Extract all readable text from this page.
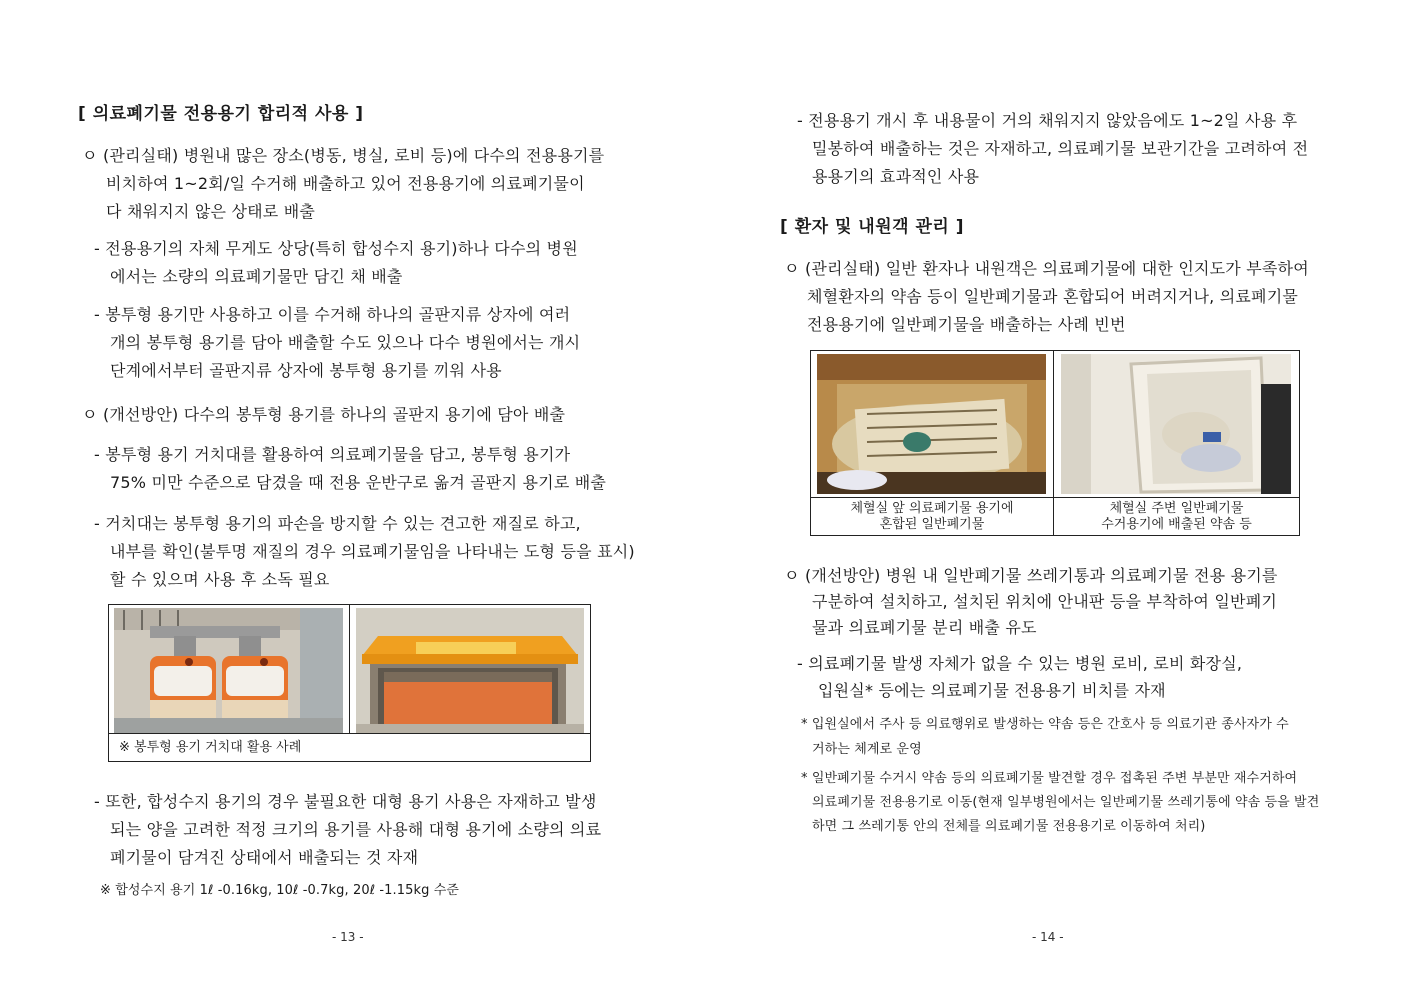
[ 의료폐기물 전용용기 합리적 사용 ]
ㅇ (관리실태) 병원내 많은 장소(병동, 병실, 로비 등)에 다수의 전용용기를
비치하여 1~2회/일 수거해 배출하고 있어 전용용기에 의료폐기물이
다 채워지지 않은 상태로 배출
- 전용용기의 자체 무게도 상당(특히 합성수지 용기)하나 다수의 병원
에서는 소량의 의료폐기물만 담긴 채 배출
- 봉투형 용기만 사용하고 이를 수거해 하나의 골판지류 상자에 여러
개의 봉투형 용기를 담아 배출할 수도 있으나 다수 병원에서는 개시
단계에서부터 골판지류 상자에 봉투형 용기를 끼워 사용
ㅇ (개선방안) 다수의 봉투형 용기를 하나의 골판지 용기에 담아 배출
- 봉투형 용기 거치대를 활용하여 의료폐기물을 담고, 봉투형 용기가
75% 미만 수준으로 담겼을 때 전용 운반구로 옮겨 골판지 용기로 배출
- 거치대는 봉투형 용기의 파손을 방지할 수 있는 견고한 재질로 하고,
내부를 확인(불투명 재질의 경우 의료폐기물임을 나타내는 도형 등을 표시)
할 수 있으며 사용 후 소독 필요
※ 봉투형 용기 거치대 활용 사례
- 또한, 합성수지 용기의 경우 불필요한 대형 용기 사용은 자재하고 발생
되는 양을 고려한 적정 크기의 용기를 사용해 대형 용기에 소량의 의료
폐기물이 담겨진 상태에서 배출되는 것 자재
※ 합성수지 용기 1ℓ -0.16kg, 10ℓ -0.7kg, 20ℓ -1.15kg 수준
- 13 -
- 전용용기 개시 후 내용물이 거의 채워지지 않았음에도 1~2일 사용 후
밀봉하여 배출하는 것은 자재하고, 의료폐기물 보관기간을 고려하여 전
용용기의 효과적인 사용
[ 환자 및 내원객 관리 ]
ㅇ (관리실태) 일반 환자나 내원객은 의료폐기물에 대한 인지도가 부족하여
체혈환자의 약솜 등이 일반폐기물과 혼합되어 버려지거나, 의료폐기물
전용용기에 일반폐기물을 배출하는 사례 빈번
체혈실 앞 의료폐기물 용기에
혼합된 일반폐기물
체혈실 주변 일반폐기물
수거용기에 배출된 약솜 등
ㅇ (개선방안) 병원 내 일반폐기물 쓰레기통과 의료폐기물 전용 용기를
구분하여 설치하고, 설치된 위치에 안내판 등을 부착하여 일반폐기
물과 의료폐기물 분리 배출 유도
- 의료폐기물 발생 자체가 없을 수 있는 병원 로비, 로비 화장실,
입원실* 등에는 의료폐기물 전용용기 비치를 자재
* 입원실에서 주사 등 의료행위로 발생하는 약솜 등은 간호사 등 의료기관 종사자가 수
거하는 체계로 운영
* 일반폐기물 수거시 약솜 등의 의료폐기물 발견할 경우 접촉된 주변 부분만 재수거하여
의료폐기물 전용용기로 이동(현재 일부병원에서는 일반폐기물 쓰레기통에 약솜 등을 발견
하면 그 쓰레기통 안의 전체를 의료폐기물 전용용기로 이동하여 처리)
- 14 -
